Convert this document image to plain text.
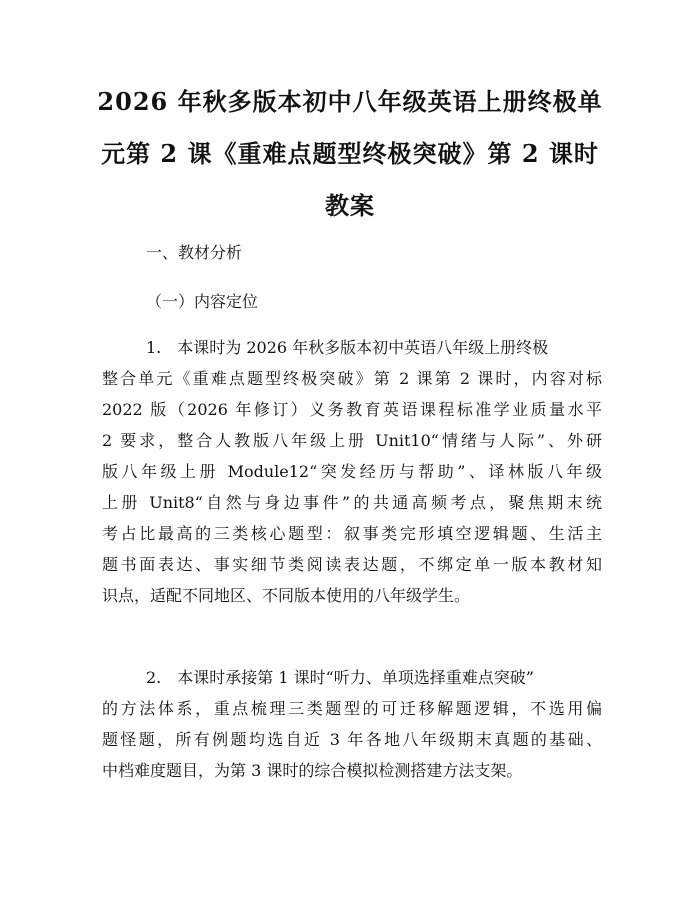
2026 年秋多版本初中八年级英语上册终极单
元第 2 课《重难点题型终极突破》第 2 课时
教案

一、教材分析

（一）内容定位

1.　本课时为 2026 年秋多版本初中英语八年级上册终极
整合单元《重难点题型终极突破》第 2 课第 2 课时，内容对标
2022 版（2026 年修订）义务教育英语课程标准学业质量水平
2 要求，整合人教版八年级上册 Unit10“情绪与人际”、外研
版八年级上册 Module12“突发经历与帮助”、译林版八年级
上册 Unit8“自然与身边事件”的共通高频考点，聚焦期末统
考占比最高的三类核心题型：叙事类完形填空逻辑题、生活主
题书面表达、事实细节类阅读表达题，不绑定单一版本教材知
识点，适配不同地区、不同版本使用的八年级学生。
2.　本课时承接第 1 课时“听力、单项选择重难点突破”
的方法体系，重点梳理三类题型的可迁移解题逻辑，不选用偏
题怪题，所有例题均选自近 3 年各地八年级期末真题的基础、
中档难度题目，为第 3 课时的综合模拟检测搭建方法支架。
